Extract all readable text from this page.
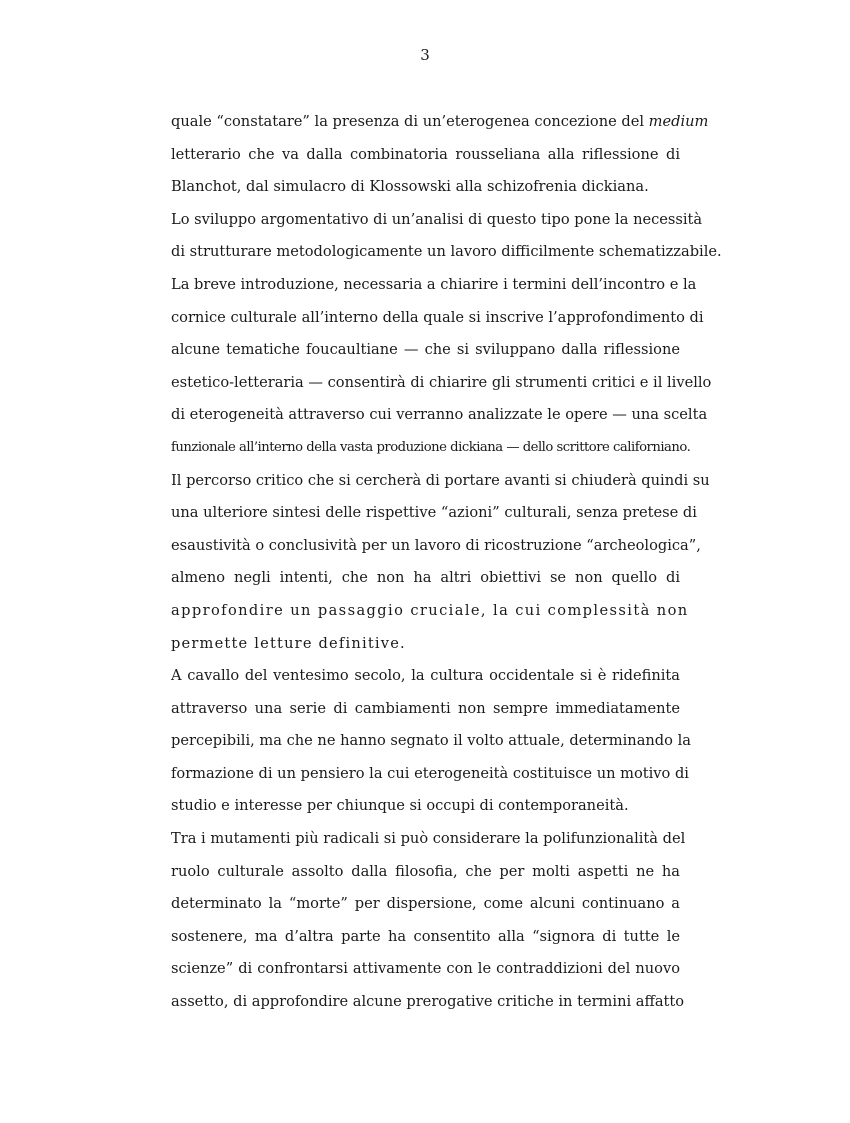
3
quale “constatare” la presenza di un’eterogenea concezione del medium
letterario che va dalla combinatoria rousseliana alla riflessione di
Blanchot, dal simulacro di Klossowski alla schizofrenia dickiana.
Lo sviluppo argomentativo di un’analisi di questo tipo pone la necessità
di strutturare metodologicamente un lavoro difficilmente schematizzabile.
La breve introduzione, necessaria a chiarire i termini dell’incontro e la
cornice culturale all’interno della quale si inscrive l’approfondimento di
alcune tematiche foucaultiane — che si sviluppano dalla riflessione
estetico-letteraria — consentirà di chiarire gli strumenti critici e il livello
di eterogeneità attraverso cui verranno analizzate le opere — una scelta
funzionale all’interno della vasta produzione dickiana — dello scrittore californiano.
Il percorso critico che si cercherà di portare avanti si chiuderà quindi su
una ulteriore sintesi delle rispettive “azioni” culturali, senza pretese di
esaustività o conclusività per un lavoro di ricostruzione “archeologica”,
almeno negli intenti, che non ha altri obiettivi se non quello di
approfondire un passaggio cruciale, la cui complessità non
permette letture definitive.
A cavallo del ventesimo secolo, la cultura occidentale si è ridefinita
attraverso una serie di cambiamenti non sempre immediatamente
percepibili, ma che ne hanno segnato il volto attuale, determinando la
formazione di un pensiero la cui eterogeneità costituisce un motivo di
studio e interesse per chiunque si occupi di contemporaneità.
Tra i mutamenti più radicali si può considerare la polifunzionalità del
ruolo culturale assolto dalla filosofia, che per molti aspetti ne ha
determinato la “morte” per dispersione, come alcuni continuano a
sostenere, ma d’altra parte ha consentito alla “signora di tutte le
scienze” di confrontarsi attivamente con le contraddizioni del nuovo
assetto, di approfondire alcune prerogative critiche in termini affatto
